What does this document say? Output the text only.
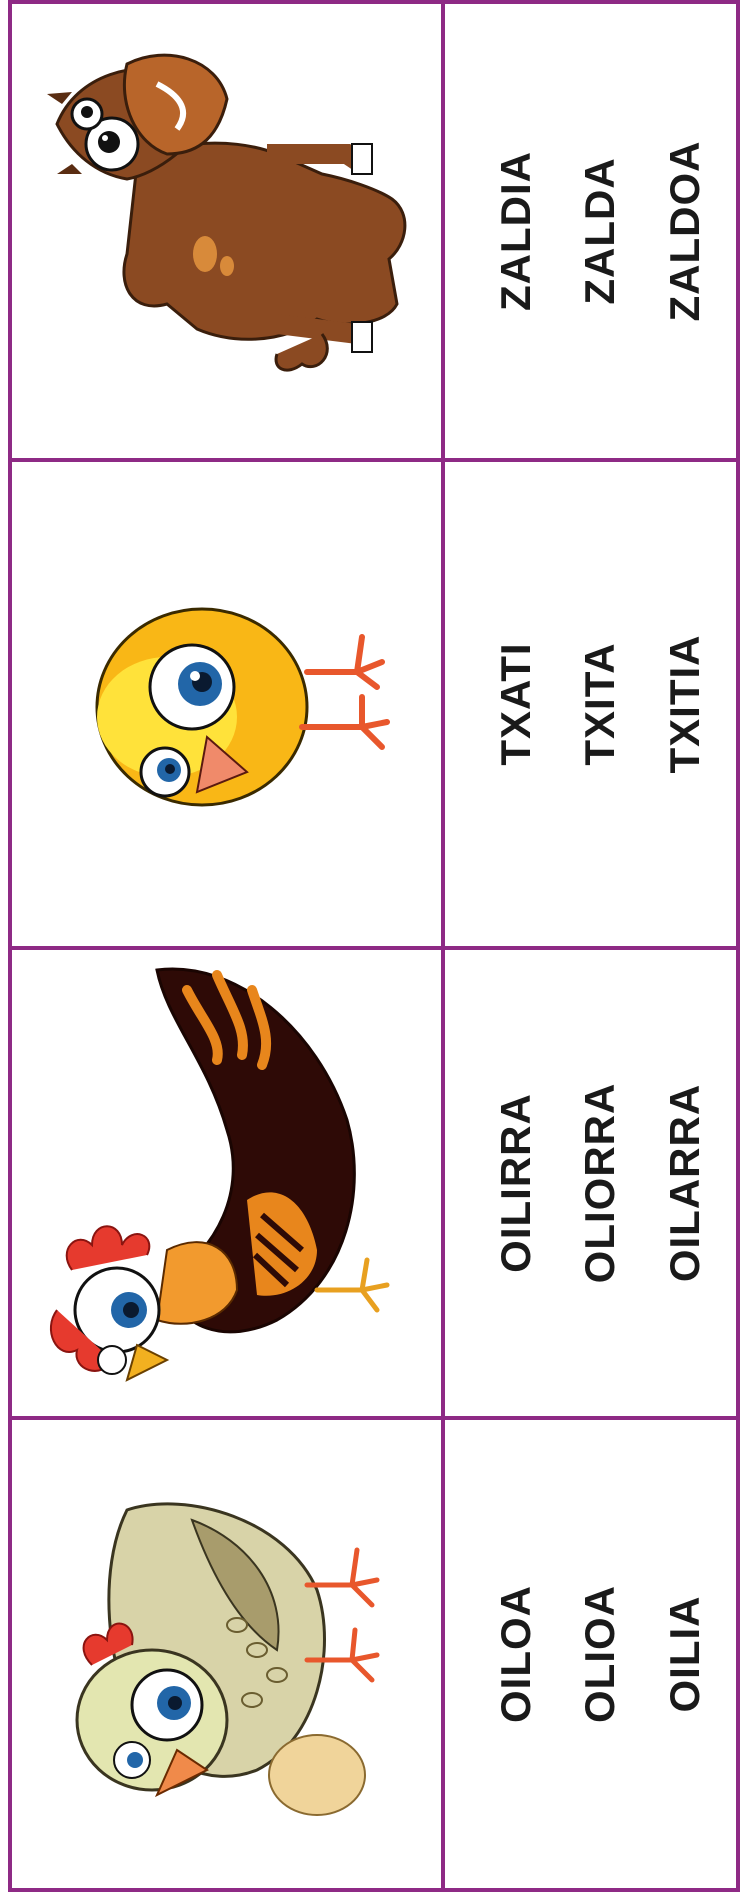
ZALDIA ZALDA ZALDOA
TXATI TXITA TXITIA
OILIRRA OLIORRA OILARRA
OILOA OLIOA OILIA
